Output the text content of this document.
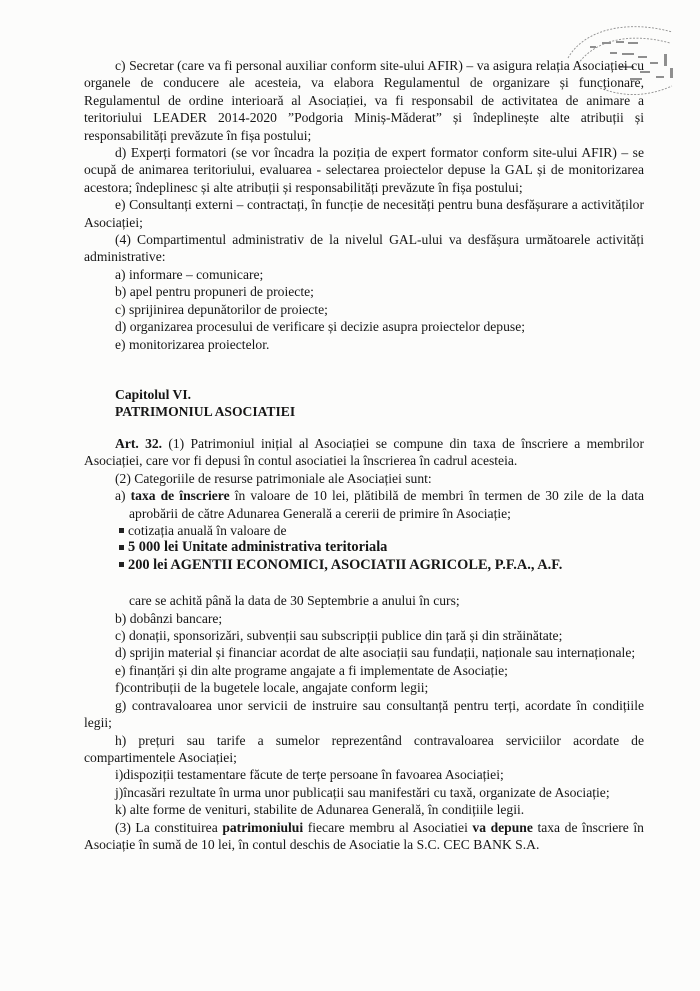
c) Secretar (care va fi personal auxiliar conform site-ului AFIR) – va asigura relația Asociației cu organele de conducere ale acesteia, va elabora Regulamentul de organizare și funcționare, Regulamentul de ordine interioară al Asociației, va fi responsabil de activitatea de animare a teritoriului LEADER 2014-2020 ”Podgoria Miniș-Măderat” și îndeplinește alte atribuții și responsabilități prevăzute în fișa postului;

d) Experți formatori (se vor încadra la poziția de expert formator conform site-ului AFIR) – se ocupă de animarea teritoriului, evaluarea - selectarea proiectelor depuse la GAL și de monitorizarea acestora; îndeplinesc și alte atribuții și responsabilități prevăzute în fișa postului;

e) Consultanți externi – contractați, în funcție de necesități pentru buna desfășurare a activităților Asociației;

(4) Compartimentul administrativ de la nivelul GAL-ului va desfășura următoarele activități administrative:

a) informare – comunicare;

b) apel pentru propuneri de proiecte;

c) sprijinirea depunătorilor de proiecte;

d) organizarea procesului de verificare și decizie asupra proiectelor depuse;

e) monitorizarea proiectelor.

Capitolul VI.

PATRIMONIUL ASOCIATIEI

Art. 32. (1) Patrimoniul inițial al Asociației se compune din taxa de înscriere a membrilor Asociației, care vor fi depusi în contul asociatiei la înscrierea în cadrul acesteia.

(2) Categoriile de resurse patrimoniale ale Asociației sunt:

a) taxa de înscriere în valoare de 10 lei, plătibilă de membri în termen de 30 zile de la data aprobării de către Adunarea Generală a cererii de primire în Asociație;

cotizația anuală în valoare de

5 000 lei Unitate administrativa teritoriala

200 lei AGENTII ECONOMICI, ASOCIATII AGRICOLE, P.F.A., A.F.

care se achită până la data de 30 Septembrie a anului în curs;

b) dobânzi bancare;

c) donații, sponsorizări, subvenții sau subscripții publice din țară și din străinătate;

d) sprijin material și financiar acordat de alte asociații sau fundații, naționale sau internaționale;

e) finanțări și din alte programe angajate a fi implementate de Asociație;

f)contribuții de la bugetele locale, angajate conform legii;

g) contravaloarea unor servicii de instruire sau consultanță pentru terți, acordate în condițiile legii;

h) prețuri sau tarife a sumelor reprezentând contravaloarea serviciilor acordate de compartimentele Asociației;

i)dispoziții testamentare făcute de terțe persoane în favoarea Asociației;

j)încasări rezultate în urma unor publicații sau manifestări cu taxă, organizate de Asociație;

k) alte forme de venituri, stabilite de Adunarea Generală, în condițiile legii.

(3) La constituirea patrimoniului fiecare membru al Asociatiei va depune taxa de înscriere în Asociație în sumă de 10 lei, în contul deschis de Asociatie la S.C. CEC BANK S.A.
